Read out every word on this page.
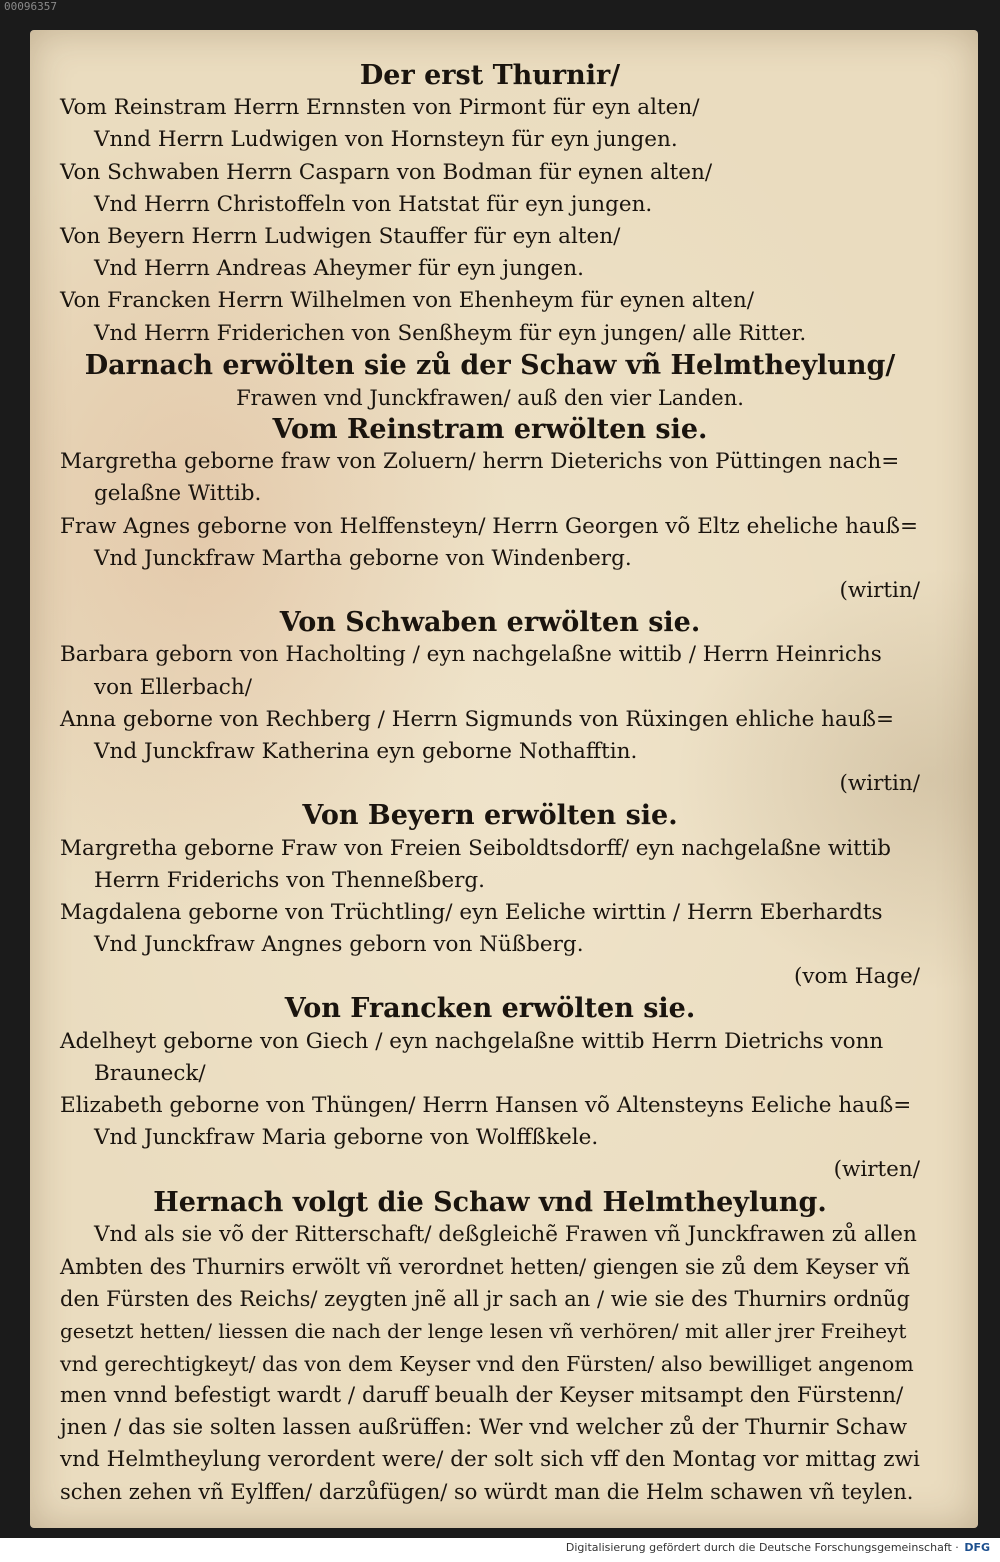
00096357
Der erst Thurnir/
Vom Reinstram Herrn Ernnsten von Pirmont für eyn alten/
Vnnd Herrn Ludwigen von Hornsteyn für eyn jungen.
Von Schwaben Herrn Casparn von Bodman für eynen alten/
Vnd Herrn Christoffeln von Hatstat für eyn jungen.
Von Beyern Herrn Ludwigen Stauffer für eyn alten/
Vnd Herrn Andreas Aheymer für eyn jungen.
Von Francken Herrn Wilhelmen von Ehenheym für eynen alten/
Vnd Herrn Friderichen von Senßheym für eyn jungen/ alle Ritter.
Darnach erwölten sie zů der Schaw vñ Helmtheylung/
Frawen vnd Junckfrawen/ auß den vier Landen.
Vom Reinstram erwölten sie.
Margretha geborne fraw von Zoluern/ herrn Dieterichs von Püttingen nach=
gelaßne Wittib.
Fraw Agnes geborne von Helffensteyn/ Herrn Georgen võ Eltz eheliche hauß=
Vnd Junckfraw Martha geborne von Windenberg.
(wirtin/
Von Schwaben erwölten sie.
Barbara geborn von Hacholting / eyn nachgelaßne wittib / Herrn Heinrichs
von Ellerbach/
Anna geborne von Rechberg / Herrn Sigmunds von Rüxingen ehliche hauß=
Vnd Junckfraw Katherina eyn geborne Nothafftin.
(wirtin/
Von Beyern erwölten sie.
Margretha geborne Fraw von Freien Seiboldtsdorff/ eyn nachgelaßne wittib
Herrn Friderichs von Thenneßberg.
Magdalena geborne von Trüchtling/ eyn Eeliche wirttin / Herrn Eberhardts
Vnd Junckfraw Angnes geborn von Nüßberg.
(vom Hage/
Von Francken erwölten sie.
Adelheyt geborne von Giech / eyn nachgelaßne wittib Herrn Dietrichs vonn
Brauneck/
Elizabeth geborne von Thüngen/ Herrn Hansen võ Altensteyns Eeliche hauß=
Vnd Junckfraw Maria geborne von Wolffßkele.
(wirten/
Hernach volgt die Schaw vnd Helmtheylung.
Vnd als sie võ der Ritterschaft/ deßgleichẽ Frawen vñ Junckfrawen zů allen
Ambten des Thurnirs erwölt vñ verordnet hetten/ giengen sie zů dem Keyser vñ
den Fürsten des Reichs/ zeygten jnẽ all jr sach an / wie sie des Thurnirs ordnũg
gesetzt hetten/ liessen die nach der lenge lesen vñ verhören/ mit aller jrer Freiheyt
vnd gerechtigkeyt/ das von dem Keyser vnd den Fürsten/ also bewilliget angenom
men vnnd befestigt wardt / daruff beualh der Keyser mitsampt den Fürstenn/
jnen / das sie solten lassen außrüffen: Wer vnd welcher zů der Thurnir Schaw
vnd Helmtheylung verordent were/ der solt sich vff den Montag vor mittag zwi
schen zehen vñ Eylffen/ darzůfügen/ so würdt man die Helm schawen vñ teylen.
Digitalisierung gefördert durch die Deutsche Forschungsgemeinschaft · DFG
